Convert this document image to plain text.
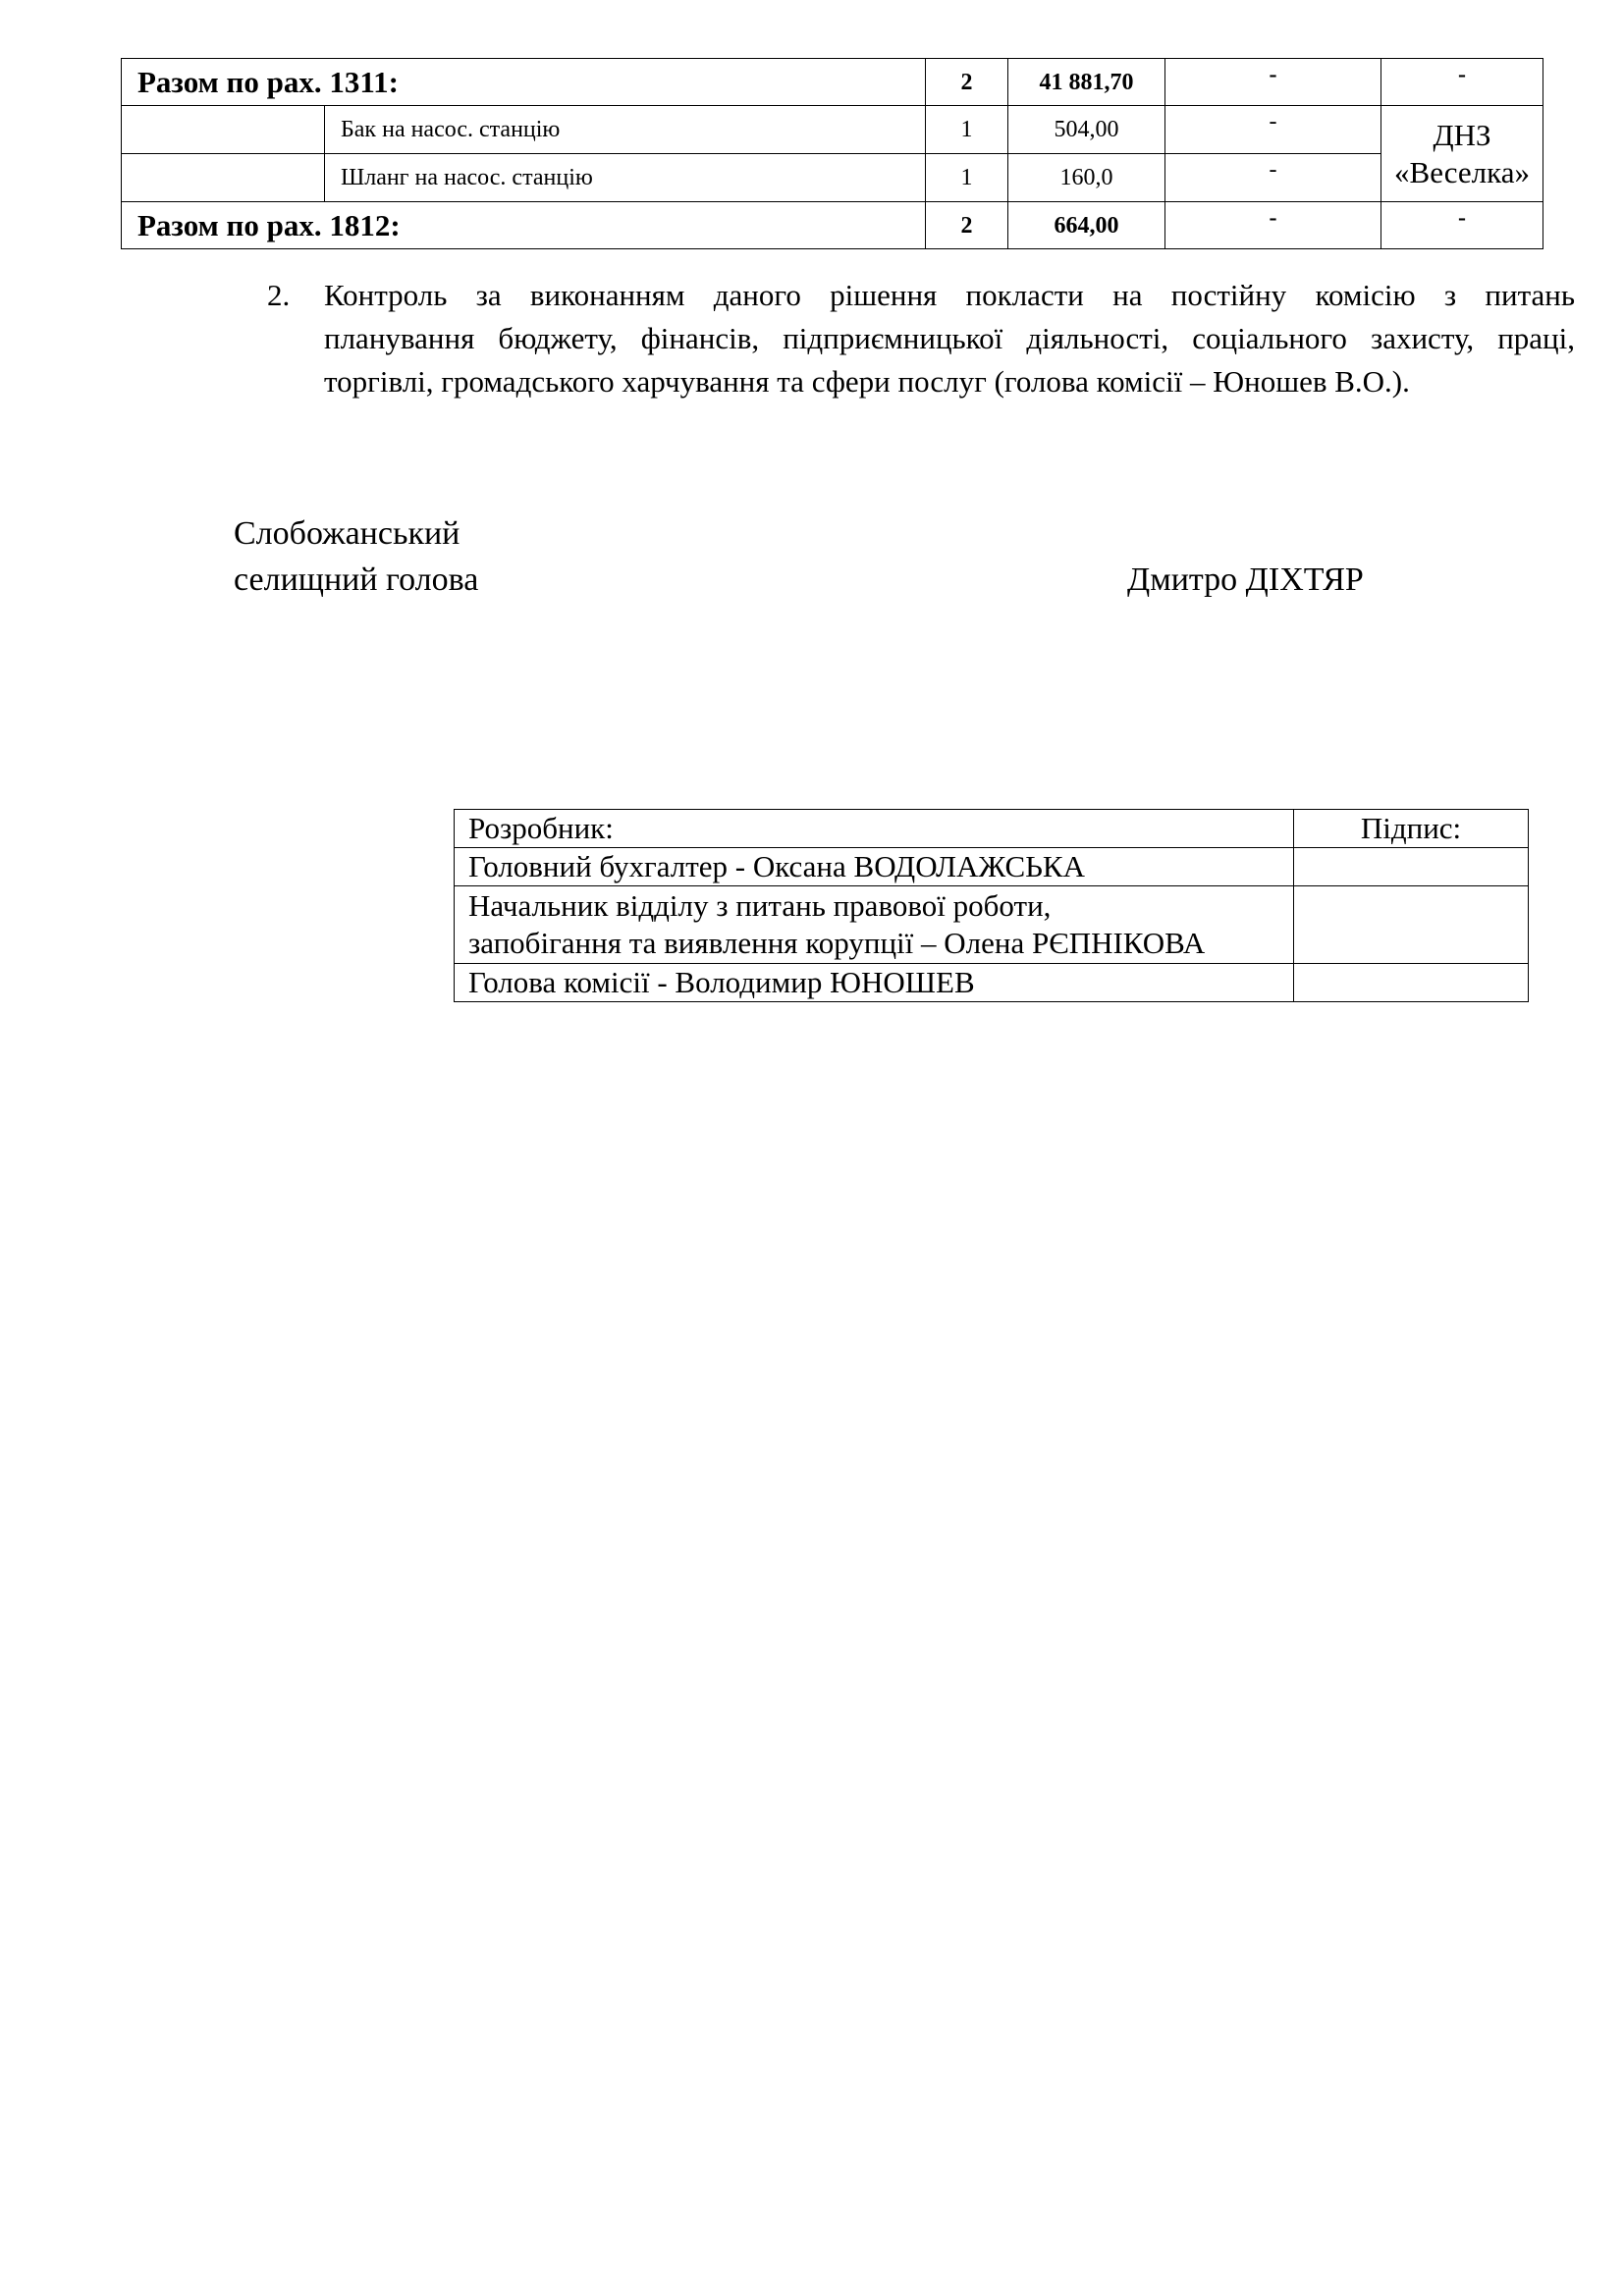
Разом по рах. 1311:		2	41 881,70	-	-
	Бак на насос. станцію	1	504,00	-	ДНЗ
«Веселка»
	Шланг на насос. станцію	1	160,0	-	
Разом по рах. 1812:		2	664,00	-	-
2.	Контроль за виконанням даного рішення покласти на постійну комісію з питань
планування бюджету, фінансів, підприємницької діяльності, соціального захисту, праці,
торгівлі, громадського харчування та сфери послуг (голова комісії – Юношев В.О.).
Слобожанський
селищний голова	Дмитро ДІХТЯР
Розробник:	Підпис:

Головний бухгалтер - Оксана ВОДОЛАЖСЬКА	

Начальник відділу з питань правової роботи,
запобігання та виявлення корупції – Олена РЄПНІКОВА	

Голова комісії - Володимир ЮНОШЕВ	
